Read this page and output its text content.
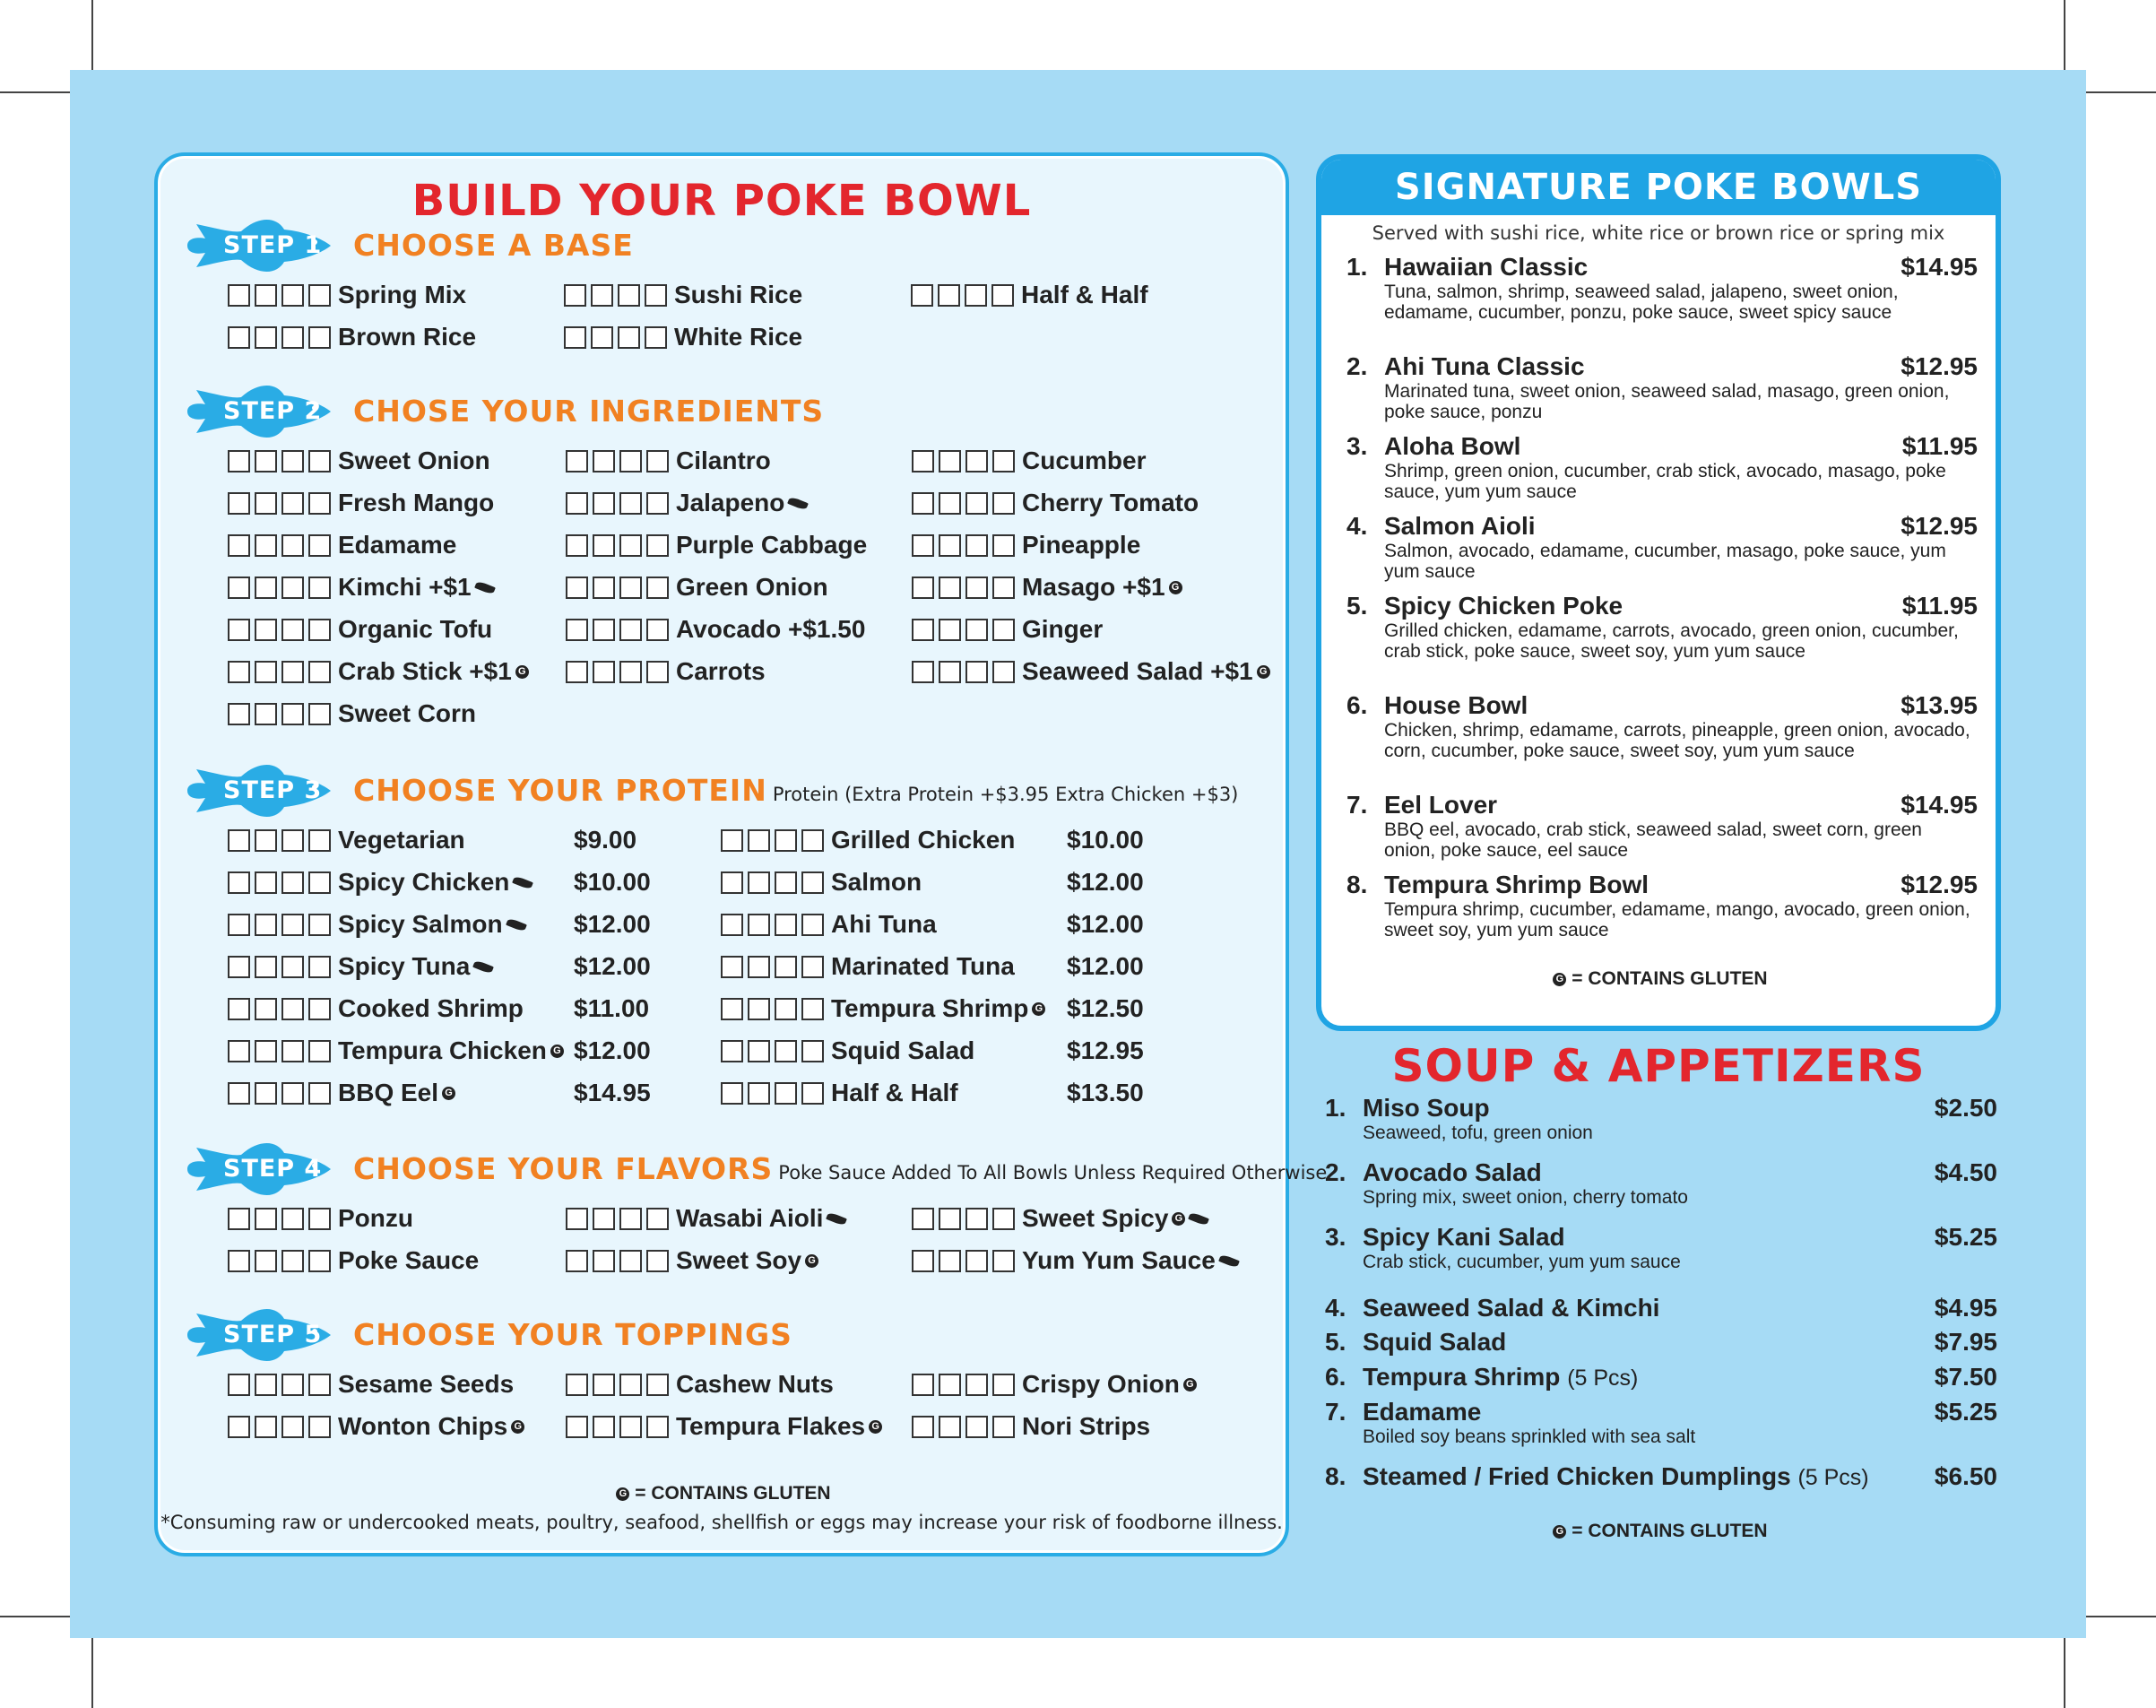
BUILD YOUR POKE BOWL
STEP 1 CHOOSE A BASE
Spring Mix
Brown Rice
Sushi Rice
White Rice
Half & Half
STEP 2 CHOSE YOUR INGREDIENTS
Sweet Onion
Fresh Mango
Edamame
Kimchi +$1
Organic Tofu
Crab Stick +$1 G
Sweet Corn
Cilantro
Jalapeno
Purple Cabbage
Green Onion
Avocado +$1.50
Carrots
Cucumber
Cherry Tomato
Pineapple
Masago +$1 G
Ginger
Seaweed Salad +$1 G
STEP 3 CHOOSE YOUR PROTEIN Protein (Extra Protein +$3.95 Extra Chicken +$3)
Vegetarian	$9.00
Spicy Chicken	$10.00
Spicy Salmon	$12.00
Spicy Tuna	$12.00
Cooked Shrimp $11.00
Tempura Chicken G $12.00
BBQ Eel G	$14.95
Grilled Chicken $10.00
Salmon	$12.00
Ahi Tuna	$12.00
Marinated Tuna $12.00
Tempura Shrimp G $12.50
Squid Salad	$12.95
Half & Half	$13.50
STEP 4 CHOOSE YOUR FLAVORS Poke Sauce Added To All Bowls Unless Required Otherwise
Ponzu
Poke Sauce
Wasabi Aioli
Sweet Soy G
Sweet Spicy G
Yum Yum Sauce
STEP 5 CHOOSE YOUR TOPPINGS
Sesame Seeds
Wonton Chips G
Cashew Nuts
Tempura Flakes G
Crispy Onion G
Nori Strips
G = CONTAINS GLUTEN
*Consuming raw or undercooked meats, poultry, seafood, shellfish or eggs may increase your risk of foodborne illness.
SIGNATURE POKE BOWLS
Served with sushi rice, white rice or brown rice or spring mix
G = CONTAINS GLUTEN
1. Hawaiian Classic	$14.95
Tuna, salmon, shrimp, seaweed salad, jalapeno, sweet onion, edamame, cucumber, ponzu, poke sauce, sweet spicy sauce
2. Ahi Tuna Classic	$12.95
Marinated tuna, sweet onion, seaweed salad, masago, green onion, poke sauce, ponzu
3. Aloha Bowl	$11.95
Shrimp, green onion, cucumber, crab stick, avocado, masago, poke sauce, yum yum sauce
4. Salmon Aioli	$12.95
Salmon, avocado, edamame, cucumber, masago, poke sauce, yum yum sauce
5. Spicy Chicken Poke	$11.95
Grilled chicken, edamame, carrots, avocado, green onion, cucumber, crab stick, poke sauce, sweet soy, yum yum sauce
6. House Bowl	$13.95
Chicken, shrimp, edamame, carrots, pineapple, green onion, avocado, corn, cucumber, poke sauce, sweet soy, yum yum sauce
7. Eel Lover	$14.95
BBQ eel, avocado, crab stick, seaweed salad, sweet corn, green onion, poke sauce, eel sauce
8. Tempura Shrimp Bowl	$12.95
Tempura shrimp, cucumber, edamame, mango, avocado, green onion, sweet soy, yum yum sauce
SOUP & APPETIZERS
1. Miso Soup	$2.50
Seaweed, tofu, green onion
2. Avocado Salad	$4.50
Spring mix, sweet onion, cherry tomato
3. Spicy Kani Salad	$5.25
Crab stick, cucumber, yum yum sauce
4. Seaweed Salad & Kimchi	$4.95
5. Squid Salad	$7.95
6. Tempura Shrimp (5 Pcs)	$7.50
7. Edamame	$5.25
Boiled soy beans sprinkled with sea salt
8. Steamed / Fried Chicken Dumplings (5 Pcs)	$6.50
G = CONTAINS GLUTEN
